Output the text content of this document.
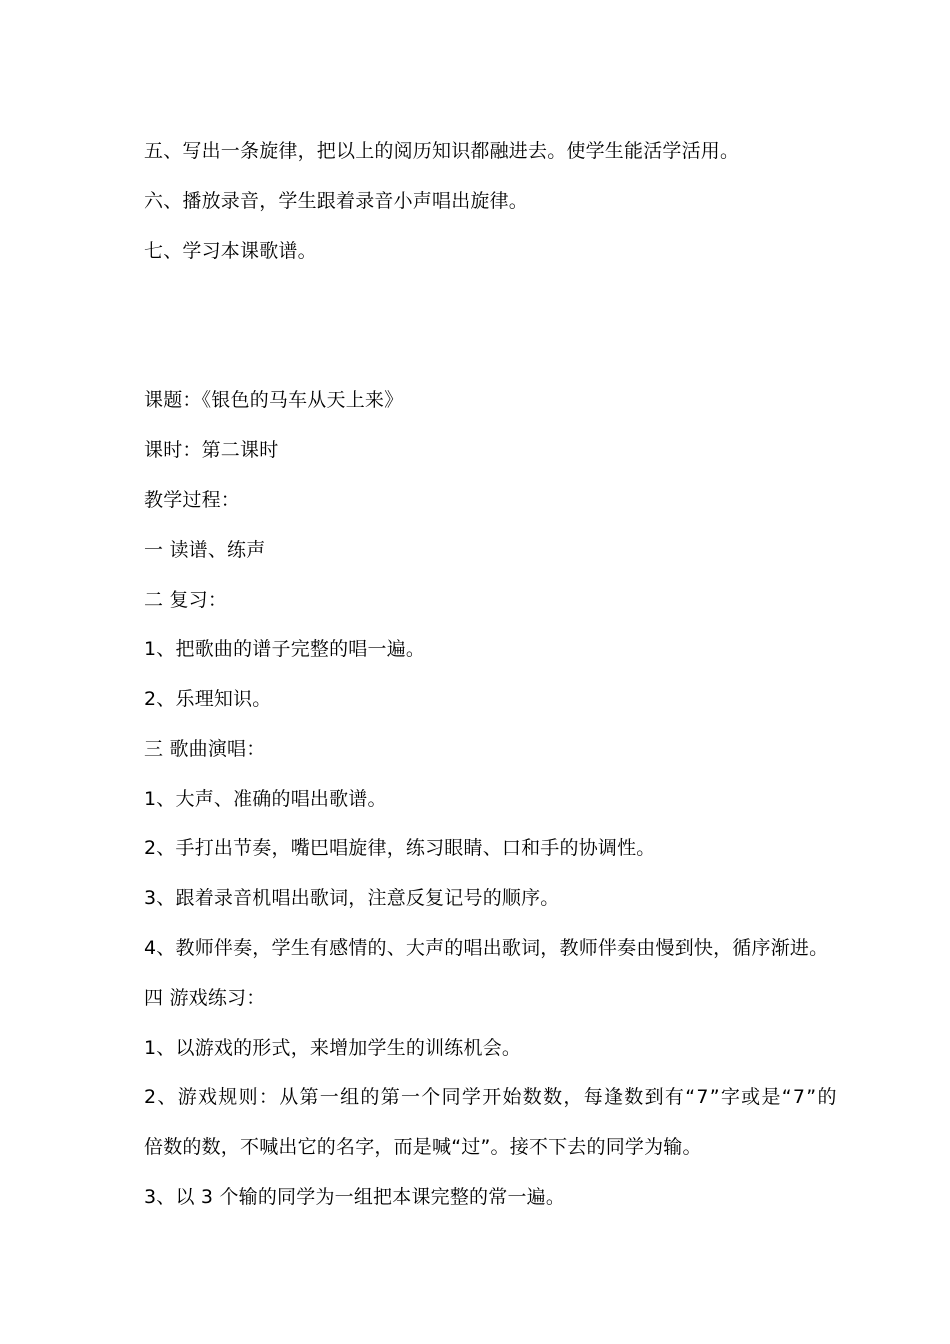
五、写出一条旋律，把以上的阅历知识都融进去。使学生能活学活用。
六、播放录音，学生跟着录音小声唱出旋律。
七、学习本课歌谱。
课题：《银色的马车从天上来》
课时：第二课时
教学过程：
一 读谱、练声
二 复习：
1、把歌曲的谱子完整的唱一遍。
2、乐理知识。
三 歌曲演唱：
1、大声、准确的唱出歌谱。
2、手打出节奏，嘴巴唱旋律，练习眼睛、口和手的协调性。
3、跟着录音机唱出歌词，注意反复记号的顺序。
4、教师伴奏，学生有感情的、大声的唱出歌词，教师伴奏由慢到快，循序渐进。
四 游戏练习：
1、以游戏的形式，来增加学生的训练机会。
2、游戏规则：从第一组的第一个同学开始数数，每逢数到有“7”字或是“7”的
倍数的数，不喊出它的名字，而是喊“过”。接不下去的同学为输。
3、以 3 个输的同学为一组把本课完整的常一遍。
